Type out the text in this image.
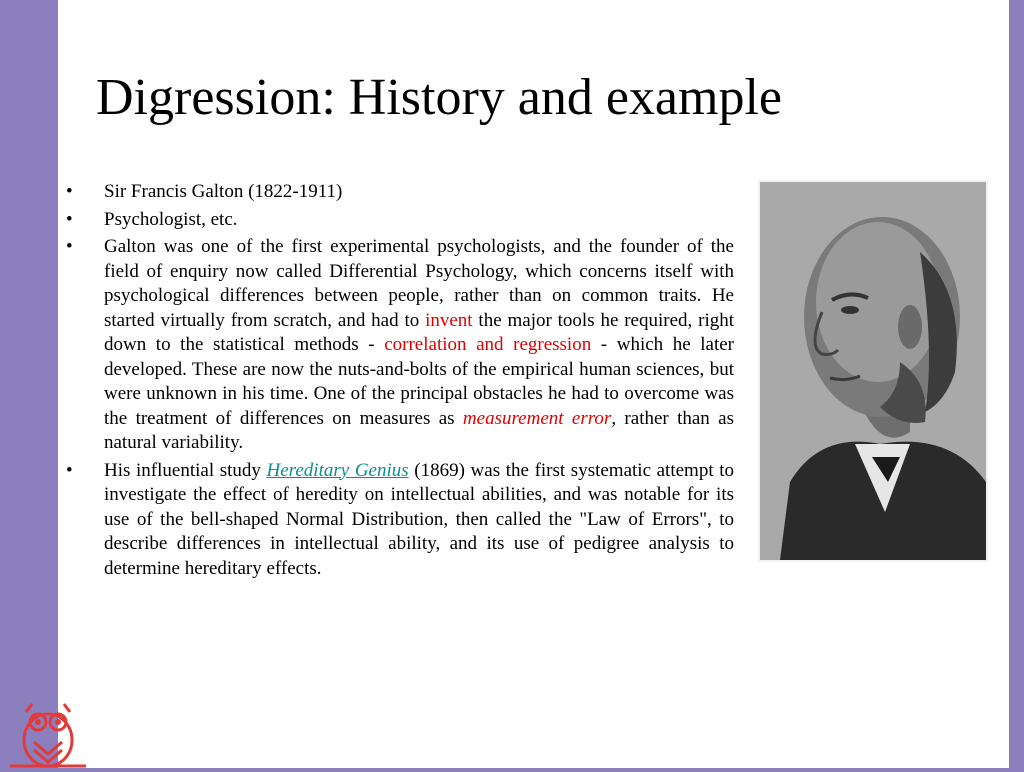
Digression: History and example
•	Sir Francis Galton (1822-1911)
•	Psychologist, etc.
•	Galton was one of the first experimental psychologists, and the founder of the field of enquiry now called Differential Psychology, which concerns itself with psychological differences between people, rather than on common traits. He started virtually from scratch, and had to invent the major tools he required, right down to the statistical methods - correlation and regression - which he later developed. These are now the nuts-and-bolts of the empirical human sciences, but were unknown in his time. One of the principal obstacles he had to overcome was the treatment of differences on measures as measurement error, rather than as natural variability.
•	His influential study Hereditary Genius (1869) was the first systematic attempt to investigate the effect of heredity on intellectual abilities, and was notable for its use of the bell-shaped Normal Distribution, then called the "Law of Errors", to describe differences in intellectual ability, and its use of pedigree analysis to determine hereditary effects.
